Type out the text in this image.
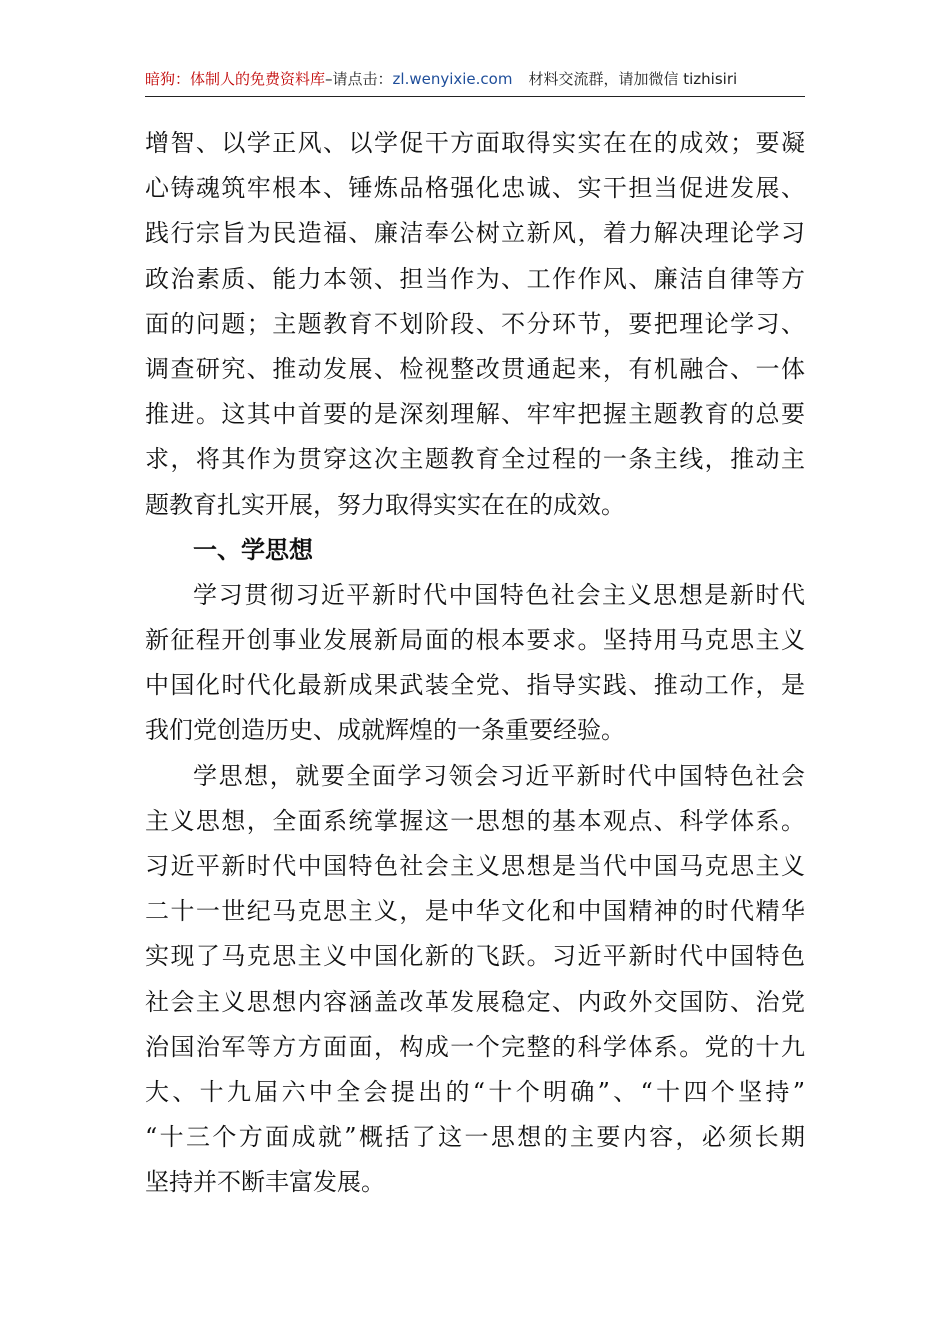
暗狗：体制人的免费资料库–请点击：zl.wenyixie.com 材料交流群，请加微信 tizhisiri
增智、以学正风、以学促干方面取得实实在在的成效；要凝
心铸魂筑牢根本、锤炼品格强化忠诚、实干担当促进发展、
践行宗旨为民造福、廉洁奉公树立新风，着力解决理论学习
政治素质、能力本领、担当作为、工作作风、廉洁自律等方
面的问题；主题教育不划阶段、不分环节，要把理论学习、
调查研究、推动发展、检视整改贯通起来，有机融合、一体
推进。这其中首要的是深刻理解、牢牢把握主题教育的总要
求，将其作为贯穿这次主题教育全过程的一条主线，推动主
题教育扎实开展，努力取得实实在在的成效。
一、学思想
学习贯彻习近平新时代中国特色社会主义思想是新时代
新征程开创事业发展新局面的根本要求。坚持用马克思主义
中国化时代化最新成果武装全党、指导实践、推动工作，是
我们党创造历史、成就辉煌的一条重要经验。
学思想，就要全面学习领会习近平新时代中国特色社会
主义思想，全面系统掌握这一思想的基本观点、科学体系。
习近平新时代中国特色社会主义思想是当代中国马克思主义
二十一世纪马克思主义，是中华文化和中国精神的时代精华
实现了马克思主义中国化新的飞跃。习近平新时代中国特色
社会主义思想内容涵盖改革发展稳定、内政外交国防、治党
治国治军等方方面面，构成一个完整的科学体系。党的十九
大、十九届六中全会提出的“十个明确”、“十四个坚持”
“十三个方面成就”概括了这一思想的主要内容，必须长期
坚持并不断丰富发展。
